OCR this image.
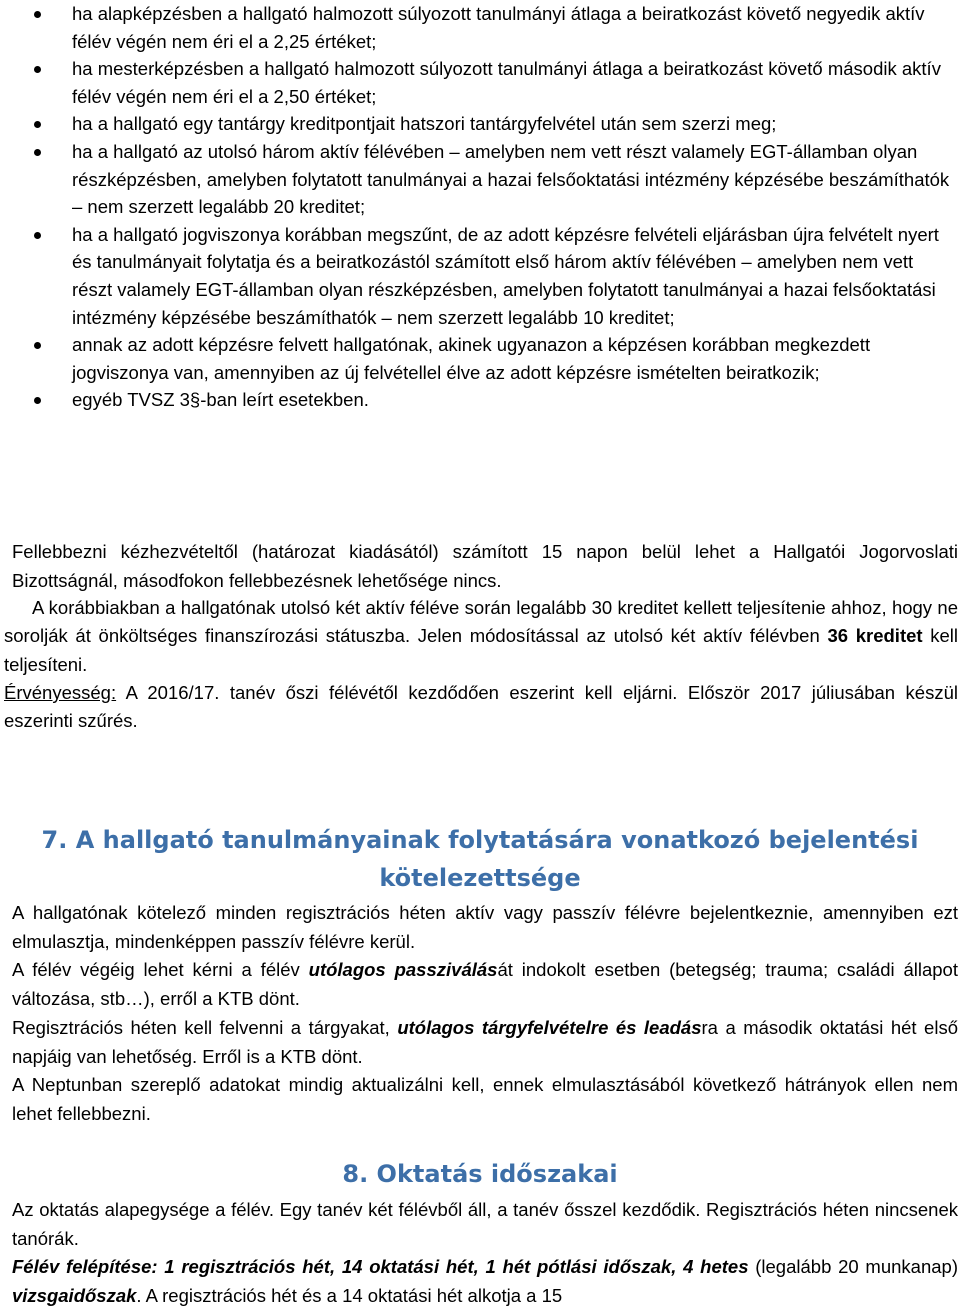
ha alapképzésben a hallgató halmozott súlyozott tanulmányi átlaga a beiratkozást követő negyedik aktív félév végén nem éri el a 2,25 értéket;
ha mesterképzésben a hallgató halmozott súlyozott tanulmányi átlaga a beiratkozást követő második aktív félév végén nem éri el a 2,50 értéket;
ha a hallgató egy tantárgy kreditpontjait hatszori tantárgyfelvétel után sem szerzi meg;
ha a hallgató az utolsó három aktív félévében – amelyben nem vett részt valamely EGT-államban olyan részképzésben, amelyben folytatott tanulmányai a hazai felsőoktatási intézmény képzésébe beszámíthatók – nem szerzett legalább 20 kreditet;
ha a hallgató jogviszonya korábban megszűnt, de az adott képzésre felvételi eljárásban újra felvételt nyert és tanulmányait folytatja és a beiratkozástól számított első három aktív félévében – amelyben nem vett részt valamely EGT-államban olyan részképzésben, amelyben folytatott tanulmányai a hazai felsőoktatási intézmény képzésébe beszámíthatók – nem szerzett legalább 10 kreditet;
annak az adott képzésre felvett hallgatónak, akinek ugyanazon a képzésen korábban megkezdett jogviszonya van, amennyiben az új felvétellel élve az adott képzésre ismételten beiratkozik;
egyéb TVSZ 3§-ban leírt esetekben.

Fellebbezni kézhezvételtől (határozat kiadásától) számított 15 napon belül lehet a Hallgatói Jogorvoslati Bizottságnál, másodfokon fellebbezésnek lehetősége nincs.

A korábbiakban a hallgatónak utolsó két aktív féléve során legalább 30 kreditet kellett teljesítenie ahhoz, hogy ne sorolják át önköltséges finanszírozási státuszba. Jelen módosítással az utolsó két aktív félévben 36 kreditet kell teljesíteni.

Érvényesség: A 2016/17. tanév őszi félévétől kezdődően eszerint kell eljárni. Először 2017 júliusában készül eszerinti szűrés.

7. A hallgató tanulmányainak folytatására vonatkozó bejelentési
kötelezettsége

A hallgatónak kötelező minden regisztrációs héten aktív vagy passzív félévre bejelentkeznie, amennyiben ezt elmulasztja, mindenképpen passzív félévre kerül.

A félév végéig lehet kérni a félév utólagos passziválását indokolt esetben (betegség; trauma; családi állapot változása, stb…), erről a KTB dönt.

Regisztrációs héten kell felvenni a tárgyakat, utólagos tárgyfelvételre és leadásra a második oktatási hét első napjáig van lehetőség. Erről is a KTB dönt.

A Neptunban szereplő adatokat mindig aktualizálni kell, ennek elmulasztásából következő hátrányok ellen nem lehet fellebbezni.

8. Oktatás időszakai

Az oktatás alapegysége a félév. Egy tanév két félévből áll, a tanév ősszel kezdődik. Regisztrációs héten nincsenek tanórák.

Félév felépítése: 1 regisztrációs hét, 14 oktatási hét, 1 hét pótlási időszak, 4 hetes (legalább 20 munkanap) vizsgaidőszak. A regisztrációs hét és a 14 oktatási hét alkotja a 15
